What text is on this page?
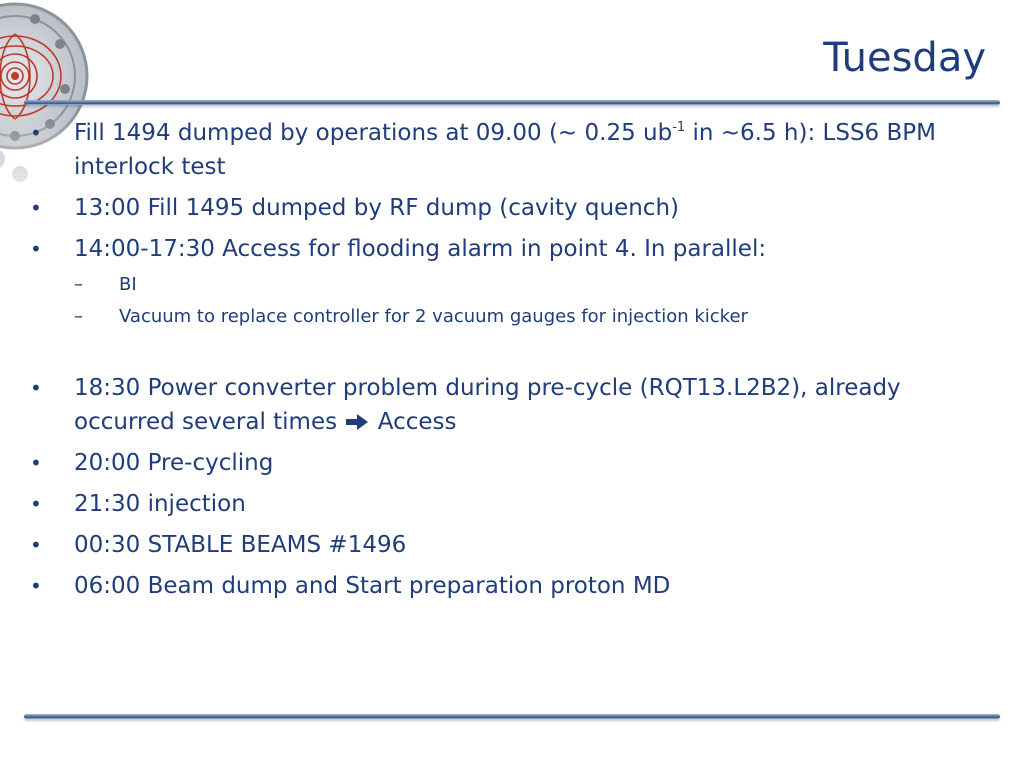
Tuesday
• Fill 1494 dumped by operations at 09.00 (~ 0.25 $ub^{-1}$ in ~6.5 h): LSS6 BPM interlock test
• 13:00 Fill 1495 dumped by RF dump (cavity quench)
• 14:00-17:30 Access for flooding alarm in point 4. In parallel:
– BI
– Vacuum to replace controller for 2 vacuum gauges for injection kicker
• 18:30 Power converter problem during pre-cycle (RQT13.L2B2), already occurred several times Access
• 20:00 Pre-cycling
• 21:30 injection
• 00:30 STABLE BEAMS #1496
• 06:00 Beam dump and Start preparation proton MD
